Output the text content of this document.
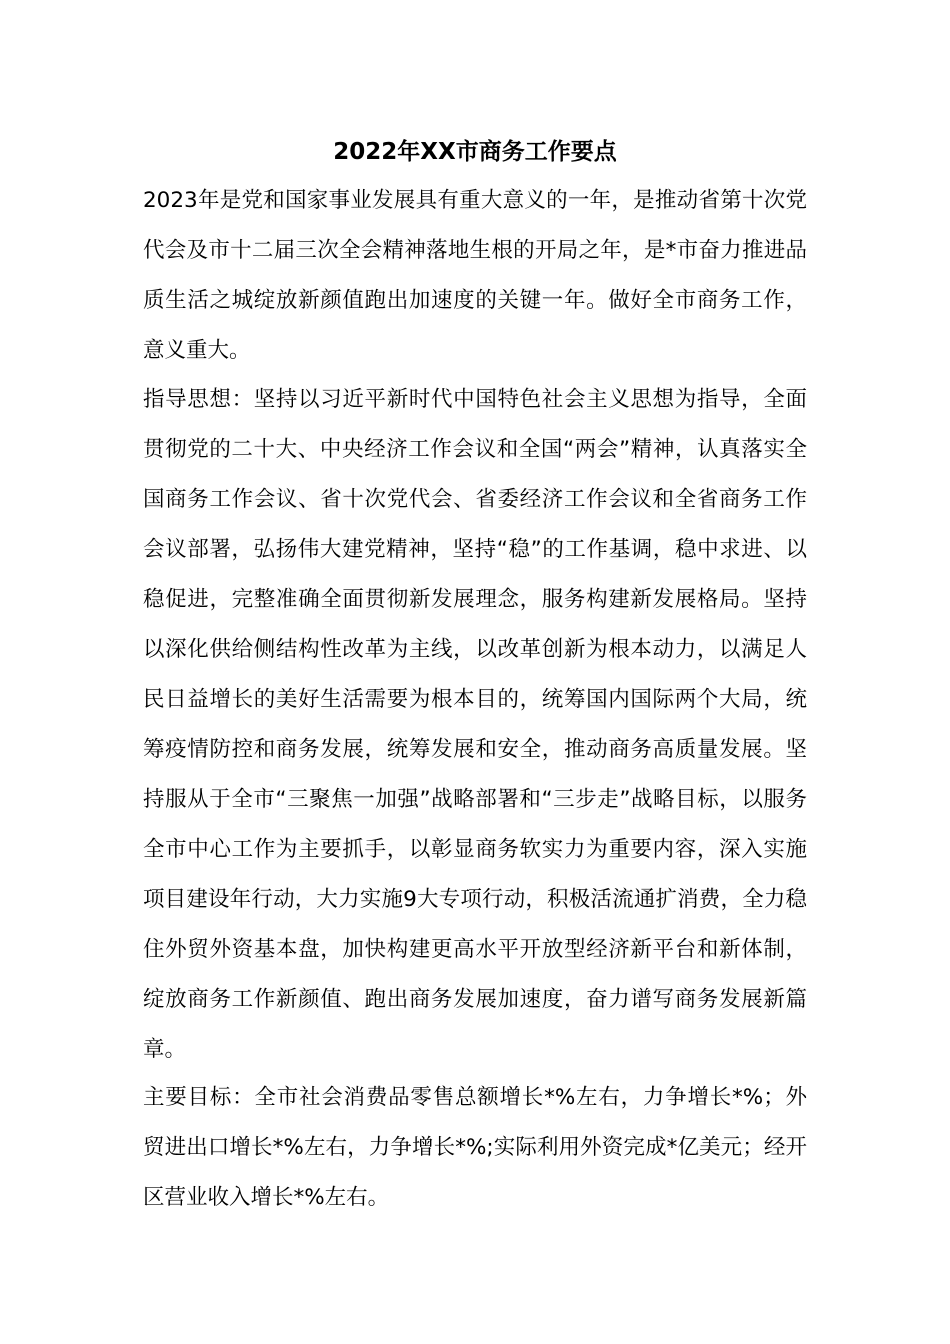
2022年XX市商务工作要点

2023年是党和国家事业发展具有重大意义的一年，是推动省第十次党代会及市十二届三次全会精神落地生根的开局之年，是*市奋力推进品质生活之城绽放新颜值跑出加速度的关键一年。做好全市商务工作，意义重大。

指导思想：坚持以习近平新时代中国特色社会主义思想为指导，全面贯彻党的二十大、中央经济工作会议和全国“两会”精神，认真落实全国商务工作会议、省十次党代会、省委经济工作会议和全省商务工作会议部署，弘扬伟大建党精神，坚持“稳”的工作基调，稳中求进、以稳促进，完整准确全面贯彻新发展理念，服务构建新发展格局。坚持以深化供给侧结构性改革为主线，以改革创新为根本动力，以满足人民日益增长的美好生活需要为根本目的，统筹国内国际两个大局，统筹疫情防控和商务发展，统筹发展和安全，推动商务高质量发展。坚持服从于全市“三聚焦一加强”战略部署和“三步走”战略目标，以服务全市中心工作为主要抓手，以彰显商务软实力为重要内容，深入实施项目建设年行动，大力实施9大专项行动，积极活流通扩消费，全力稳住外贸外资基本盘，加快构建更高水平开放型经济新平台和新体制，绽放商务工作新颜值、跑出商务发展加速度，奋力谱写商务发展新篇章。

主要目标：全市社会消费品零售总额增长*%左右，力争增长*%；外贸进出口增长*%左右，力争增长*%;实际利用外资完成*亿美元；经开区营业收入增长*%左右。
